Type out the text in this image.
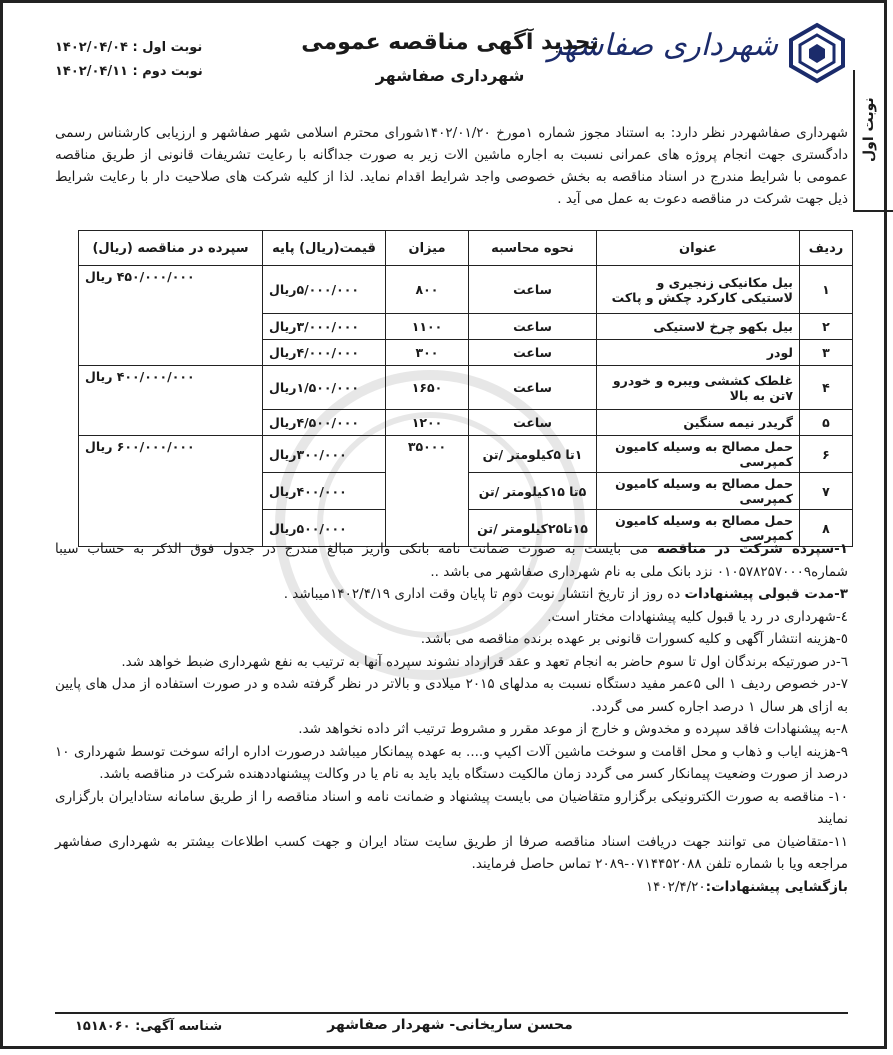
نوبت اول
شهرداری صفاشهر
تجدید آگهی مناقصه عمومی
شهرداری صفاشهر
نوبت اول : ۱۴۰۲/۰۴/۰۴
نوبت دوم : ۱۴۰۲/۰۴/۱۱
شهرداری صفاشهردر نظر دارد: به استناد مجوز شماره ۱مورخ ۱۴۰۲/۰۱/۲۰شورای محترم اسلامی شهر صفاشهر و ارزیابی کارشناس رسمی دادگستری جهت انجام پروژه های عمرانی نسبت به اجاره ماشین الات زیر به صورت جداگانه با رعایت تشریفات قانونی از طریق مناقصه عمومی با شرایط مندرج در اسناد مناقصه به بخش خصوصی واجد شرایط اقدام نماید. لذا از کلیه شرکت های صلاحیت دار با رعایت شرایط ذیل جهت شرکت در مناقصه دعوت به عمل می آید .
ردیف	عنوان	نحوه محاسبه	میزان	قیمت(ریال) پایه	سپرده در مناقصه (ریال)
۱	بیل مکانیکی زنجیری و لاستیکی کارکرد چکش و پاکت	ساعت	۸۰۰	۵/۰۰۰/۰۰۰ریال	۴۵۰/۰۰۰/۰۰۰ ریال
۲	بیل بکهو چرخ لاستیکی	ساعت	۱۱۰۰	۳/۰۰۰/۰۰۰ریال	
۳	لودر	ساعت	۳۰۰	۴/۰۰۰/۰۰۰ریال	
۴	غلطک کششی ویبره و خودرو ۷تن به بالا	ساعت	۱۶۵۰	۱/۵۰۰/۰۰۰ریال	۴۰۰/۰۰۰/۰۰۰ ریال
۵	گریدر نیمه سنگین	ساعت	۱۲۰۰	۴/۵۰۰/۰۰۰ریال	
۶	حمل مصالح به وسیله کامیون کمپرسی	۱تا ۵کیلومتر /تن	۳۵۰۰۰	۳۰۰/۰۰۰ریال	۶۰۰/۰۰۰/۰۰۰ ریال
۷	حمل مصالح به وسیله کامیون کمپرسی	۵تا ۱۵کیلومتر /تن		۴۰۰/۰۰۰ریال	
۸	حمل مصالح به وسیله کامیون کمپرسی	۱۵تا۲۵کیلومتر /تن		۵۰۰/۰۰۰ریال	

۱-سپرده شرکت در مناقصه می بایست به صورت ضمانت نامه بانکی واریز مبالغ مندرج در جدول فوق الذکر به حساب سیبا شماره۰۱۰۵۷۸۲۵۷۰۰۰۹ نزد بانک ملی به نام شهرداری صفاشهر می باشد ..

۳-مدت قبولی پیشنهادات ده روز از تاریخ انتشار نوبت دوم تا پایان وقت اداری ۱۴۰۲/۴/۱۹میباشد .

٤-شهرداری در رد یا قبول کلیه پیشنهادات مختار است.

٥-هزینه انتشار آگهی و کلیه کسورات قانونی بر عهده برنده مناقصه می باشد.

٦-در صورتیکه برندگان اول تا سوم حاضر به انجام تعهد و عقد قرارداد نشوند سپرده آنها به ترتیب به نفع شهرداری ضبط خواهد شد.

٧-در خصوص ردیف ۱ الی ۵عمر مفید دستگاه نسبت به مدلهای ۲۰۱۵ میلادی و بالاتر در نظر گرفته شده و در صورت استفاده از مدل های پایین به ازای هر سال ۱ درصد اجاره کسر می گردد.

٨-به پیشنهادات فاقد سپرده و مخدوش و خارج از موعد مقرر و مشروط ترتیب اثر داده نخواهد شد.

٩-هزینه ایاب و ذهاب و محل اقامت و سوخت ماشین آلات اکیپ و.... به عهده پیمانکار میباشد درصورت اداره ارائه سوخت توسط شهرداری ۱۰ درصد از صورت وضعیت پیمانکار کسر می گردد زمان مالکیت دستگاه باید باید به نام یا در وکالت پیشنهاددهنده شرکت در مناقصه باشد.

۱۰- مناقصه به صورت الکترونیکی برگزارو متقاضیان می بایست پیشنهاد و ضمانت نامه و اسناد مناقصه را از طریق سامانه ستادایران بارگزاری نمایند

۱۱-متقاضیان می توانند جهت دریافت اسناد مناقصه صرفا از طریق سایت ستاد ایران و جهت کسب اطلاعات بیشتر به شهرداری صفاشهر مراجعه ویا با شماره تلفن ۰۷۱۴۴۵۲۰۸۸-۲۰۸۹ تماس حاصل فرمایند.

بازگشایی پیشنهادات:۱۴۰۲/۴/۲۰

محسن ساریخانی- شهردار صفاشهر
شناسه آگهی: ۱۵۱۸۰۶۰
